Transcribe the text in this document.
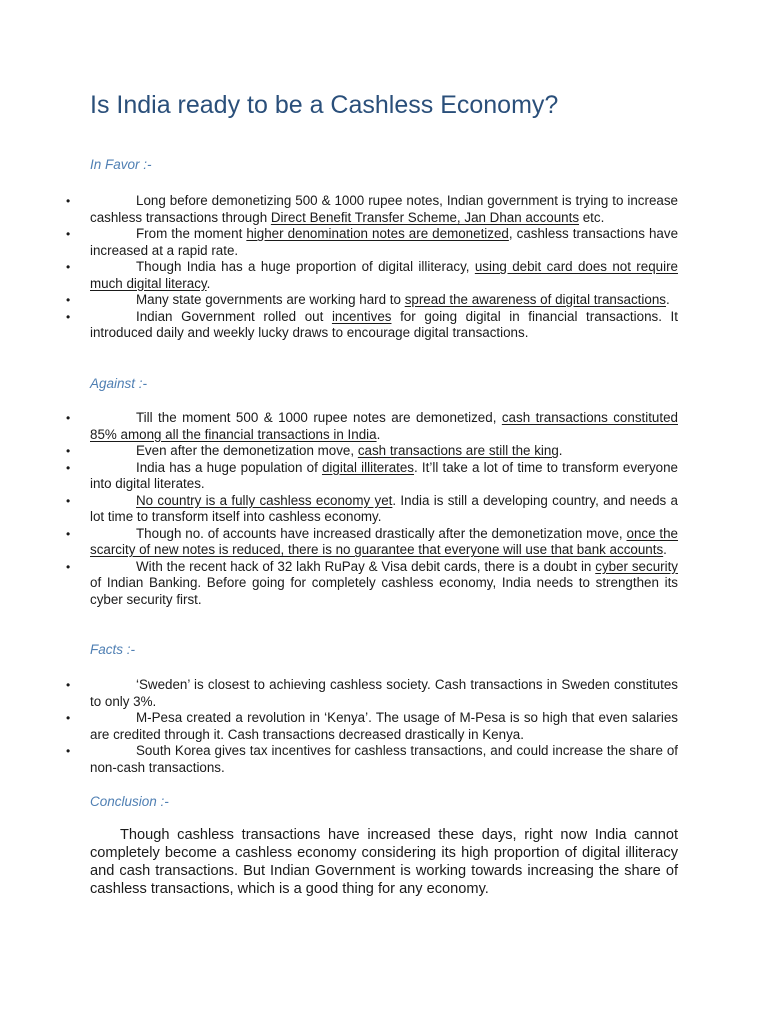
Is India ready to be a Cashless Economy?

In Favor :-

•	Long before demonetizing 500 & 1000 rupee notes, Indian government is trying to increase cashless transactions through Direct Benefit Transfer Scheme, Jan Dhan accounts etc.
•	From the moment higher denomination notes are demonetized, cashless transactions have increased at a rapid rate.
•	Though India has a huge proportion of digital illiteracy, using debit card does not require much digital literacy.
•	Many state governments are working hard to spread the awareness of digital transactions.
•	Indian Government rolled out incentives for going digital in financial transactions. It introduced daily and weekly lucky draws to encourage digital transactions.

Against :-

•	Till the moment 500 & 1000 rupee notes are demonetized, cash transactions constituted 85% among all the financial transactions in India.
•	Even after the demonetization move, cash transactions are still the king.
•	India has a huge population of digital illiterates. It’ll take a lot of time to transform everyone into digital literates.
•	No country is a fully cashless economy yet. India is still a developing country, and needs a lot time to transform itself into cashless economy.
•	Though no. of accounts have increased drastically after the demonetization move, once the scarcity of new notes is reduced, there is no guarantee that everyone will use that bank accounts.
•	With the recent hack of 32 lakh RuPay & Visa debit cards, there is a doubt in cyber security of Indian Banking. Before going for completely cashless economy, India needs to strengthen its cyber security first.

Facts :-

•	‘Sweden’ is closest to achieving cashless society. Cash transactions in Sweden constitutes to only 3%.
•	M-Pesa created a revolution in ‘Kenya’. The usage of M-Pesa is so high that even salaries are credited through it. Cash transactions decreased drastically in Kenya.
•	South Korea gives tax incentives for cashless transactions, and could increase the share of non-cash transactions.

Conclusion :-

Though cashless transactions have increased these days, right now India cannot completely become a cashless economy considering its high proportion of digital illiteracy and cash transactions. But Indian Government is working towards increasing the share of cashless transactions, which is a good thing for any economy.
